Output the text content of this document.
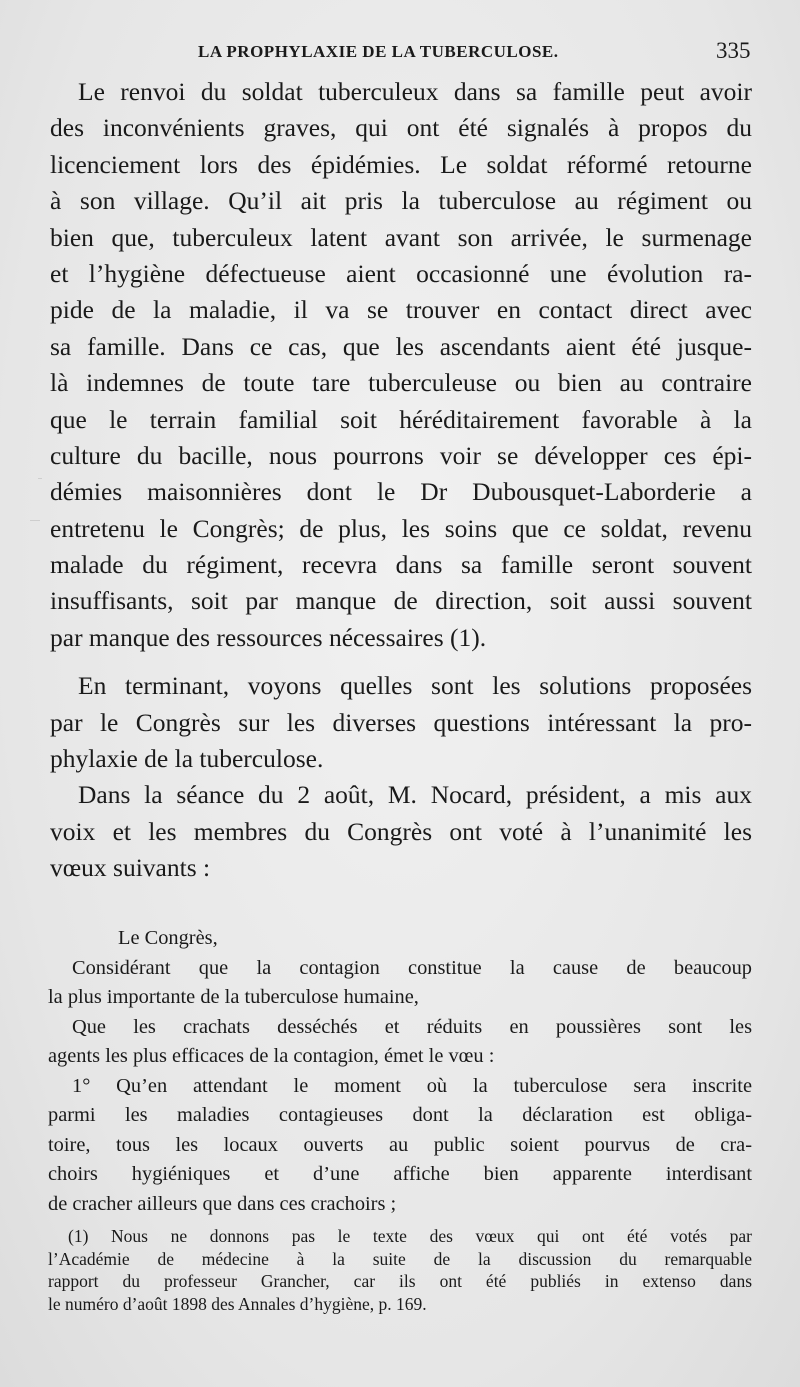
LA PROPHYLAXIE DE LA TUBERCULOSE.	335
Le renvoi du soldat tuberculeux dans sa famille peut avoir
des inconvénients graves, qui ont été signalés à propos du
licenciement lors des épidémies. Le soldat réformé retourne
à son village. Qu’il ait pris la tuberculose au régiment ou
bien que, tuberculeux latent avant son arrivée, le surmenage
et l’hygiène défectueuse aient occasionné une évolution ra-
pide de la maladie, il va se trouver en contact direct avec
sa famille. Dans ce cas, que les ascendants aient été jusque-
là indemnes de toute tare tuberculeuse ou bien au contraire
que le terrain familial soit héréditairement favorable à la
culture du bacille, nous pourrons voir se développer ces épi-
démies maisonnières dont le Dr Dubousquet-Laborderie a
entretenu le Congrès; de plus, les soins que ce soldat, revenu
malade du régiment, recevra dans sa famille seront souvent
insuffisants, soit par manque de direction, soit aussi souvent
par manque des ressources nécessaires (1).
En terminant, voyons quelles sont les solutions proposées
par le Congrès sur les diverses questions intéressant la pro-
phylaxie de la tuberculose.
Dans la séance du 2 août, M. Nocard, président, a mis aux
voix et les membres du Congrès ont voté à l’unanimité les
vœux suivants :
Le Congrès,
Considérant que la contagion constitue la cause de beaucoup
la plus importante de la tuberculose humaine,
Que les crachats desséchés et réduits en poussières sont les
agents les plus efficaces de la contagion, émet le vœu :
1° Qu’en attendant le moment où la tuberculose sera inscrite
parmi les maladies contagieuses dont la déclaration est obliga-
toire, tous les locaux ouverts au public soient pourvus de cra-
choirs hygiéniques et d’une affiche bien apparente interdisant
de cracher ailleurs que dans ces crachoirs ;
(1) Nous ne donnons pas le texte des vœux qui ont été votés par
l’Académie de médecine à la suite de la discussion du remarquable
rapport du professeur Grancher, car ils ont été publiés in extenso dans
le numéro d’août 1898 des Annales d’hygiène, p. 169.
